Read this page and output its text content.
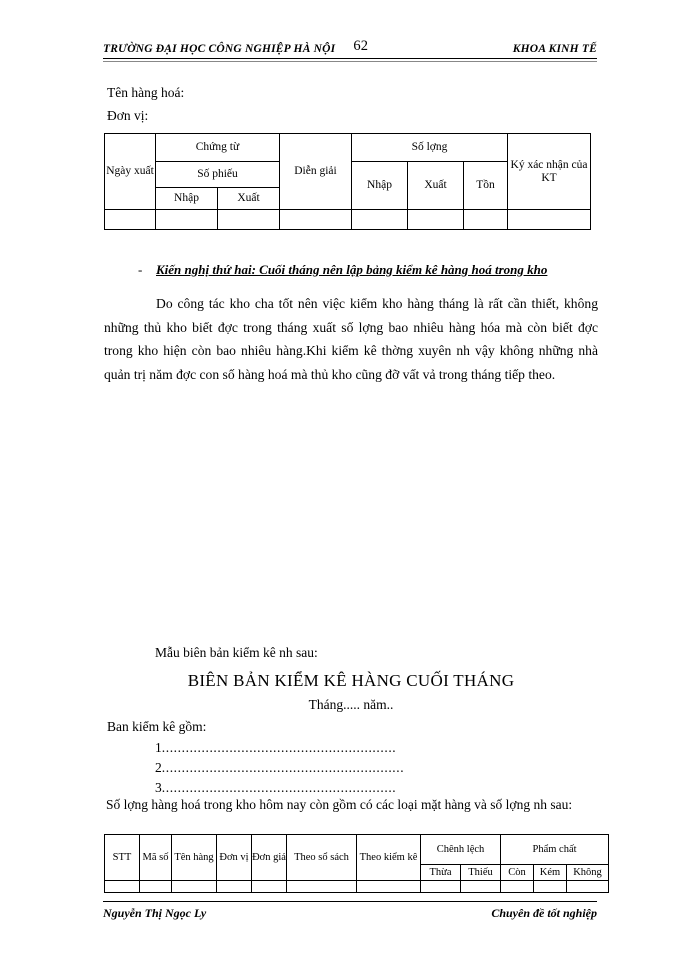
TRƯỜNG ĐẠI HỌC CÔNG NGHIỆP HÀ NỘI 62	KHOA KINH TẾ
Tên hàng hoá:
Đơn vị:
Ngày xuất	Chứng từ		Diễn giải	Số lợng			Ký xác nhận của KT
	Số phiếu			Nhập	Xuất	Tồn	
	Nhập	Xuất					

- Kiến nghị thứ hai: Cuối tháng nên lập bảng kiểm kê hàng hoá trong kho
Do công tác kho cha tốt nên việc kiểm kho hàng tháng là rất cần thiết, không những thủ kho biết đợc trong tháng xuất số lợng bao nhiêu hàng hóa mà còn biết đợc trong kho hiện còn bao nhiêu hàng.Khi kiểm kê thờng xuyên nh vậy không những nhà quản trị năm đợc con số hàng hoá mà thủ kho cũng đỡ vất vả trong tháng tiếp theo.
Mẫu biên bản kiểm kê nh sau:
BIÊN BẢN KIỂM KÊ HÀNG CUỐI THÁNG
Tháng..... năm..
Ban kiểm kê gồm:
1...........................................................
2.............................................................
3...........................................................
Số lợng hàng hoá trong kho hôm nay còn gồm có các loại mặt hàng và số lợng nh sau:
STT	Mã số	Tên hàng	Đơn vị	Đơn giá	Theo sổ sách	Theo kiểm kê	Chênh lệch		Phẩm chất		
							Thừa	Thiếu	Còn	Kém	Không

Nguyễn Thị Ngọc Ly	Chuyên đề tốt nghiệp
